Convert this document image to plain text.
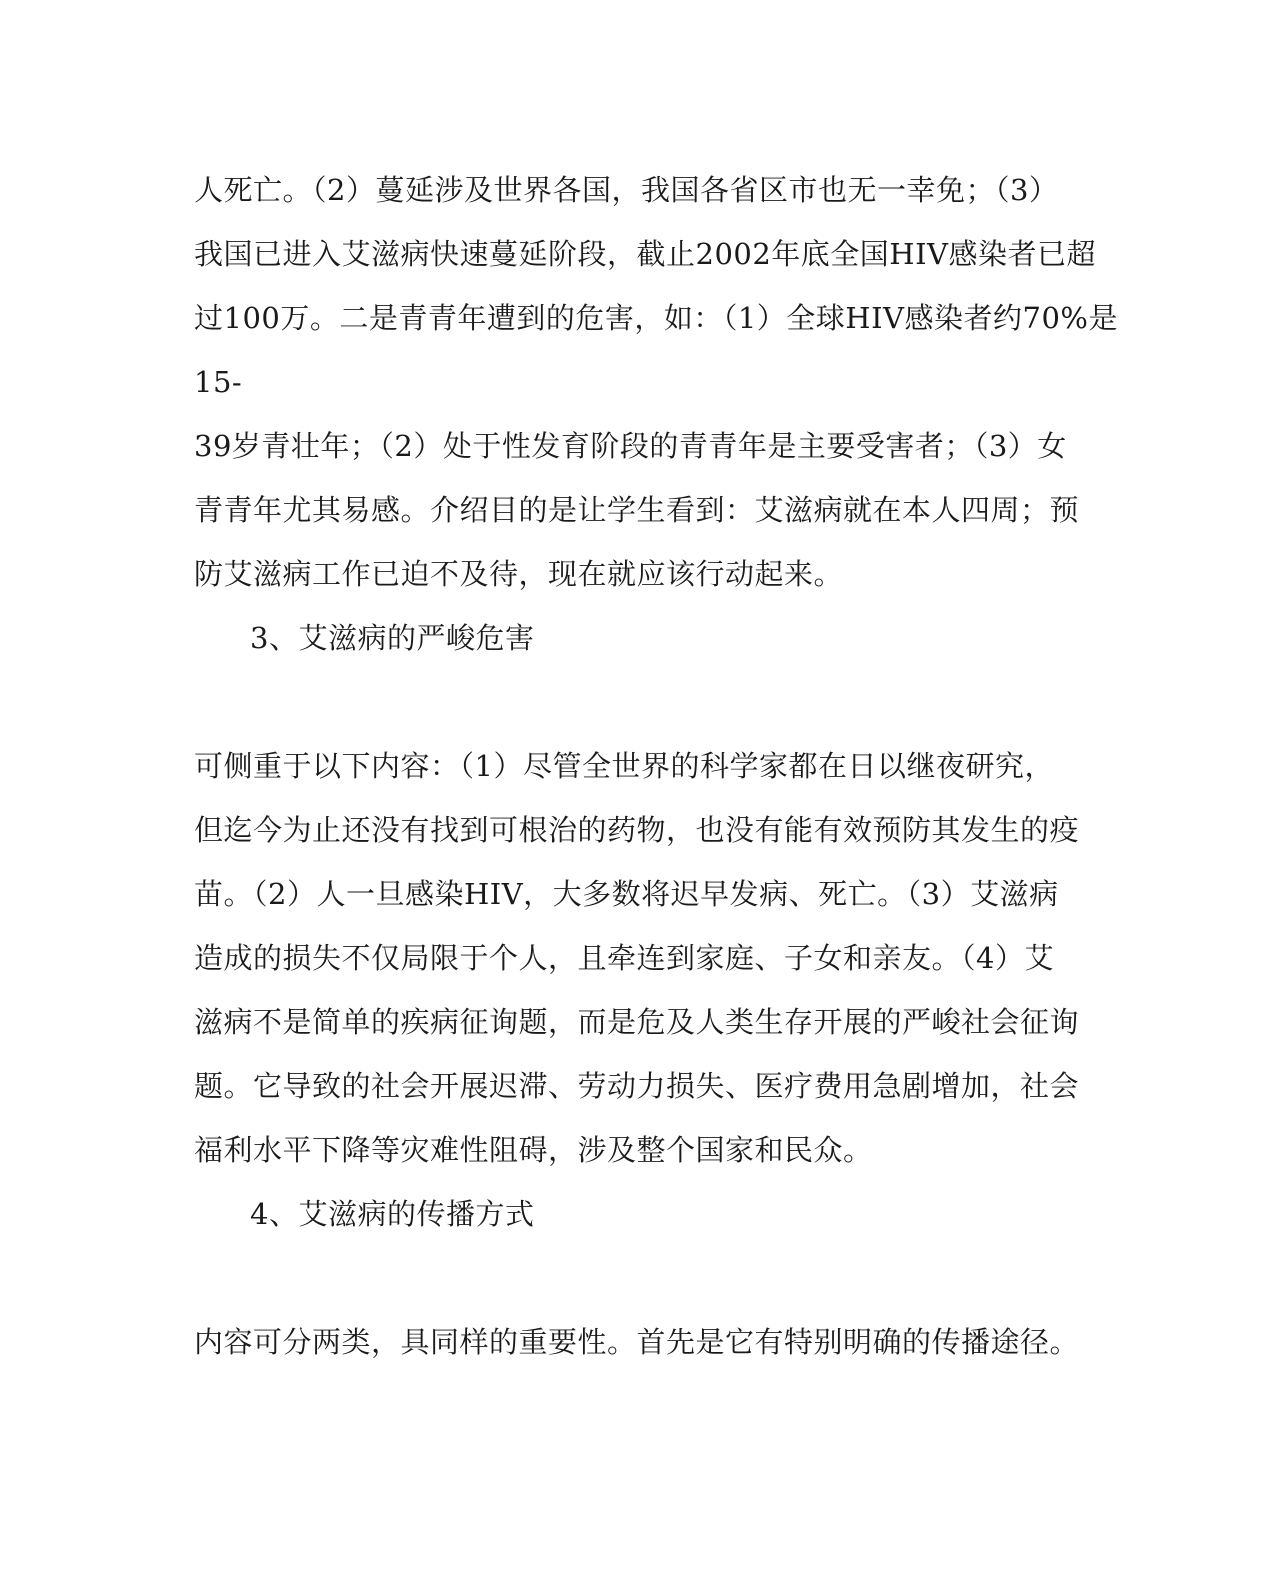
人死亡。（2）蔓延涉及世界各国，我国各省区市也无一幸免；（3）
我国已进入艾滋病快速蔓延阶段，截止2002年底全国HIV感染者已超
过100万。二是青青年遭到的危害，如：（1）全球HIV感染者约70%是
15-
39岁青壮年；（2）处于性发育阶段的青青年是主要受害者；（3）女
青青年尤其易感。介绍目的是让学生看到：艾滋病就在本人四周；预
防艾滋病工作已迫不及待，现在就应该行动起来。
3、艾滋病的严峻危害
可侧重于以下内容：（1）尽管全世界的科学家都在日以继夜研究，
但迄今为止还没有找到可根治的药物，也没有能有效预防其发生的疫
苗。（2）人一旦感染HIV，大多数将迟早发病、死亡。（3）艾滋病
造成的损失不仅局限于个人，且牵连到家庭、子女和亲友。（4）艾
滋病不是简单的疾病征询题，而是危及人类生存开展的严峻社会征询
题。它导致的社会开展迟滞、劳动力损失、医疗费用急剧增加，社会
福利水平下降等灾难性阻碍，涉及整个国家和民众。
4、艾滋病的传播方式
内容可分两类，具同样的重要性。首先是它有特别明确的传播途径。
